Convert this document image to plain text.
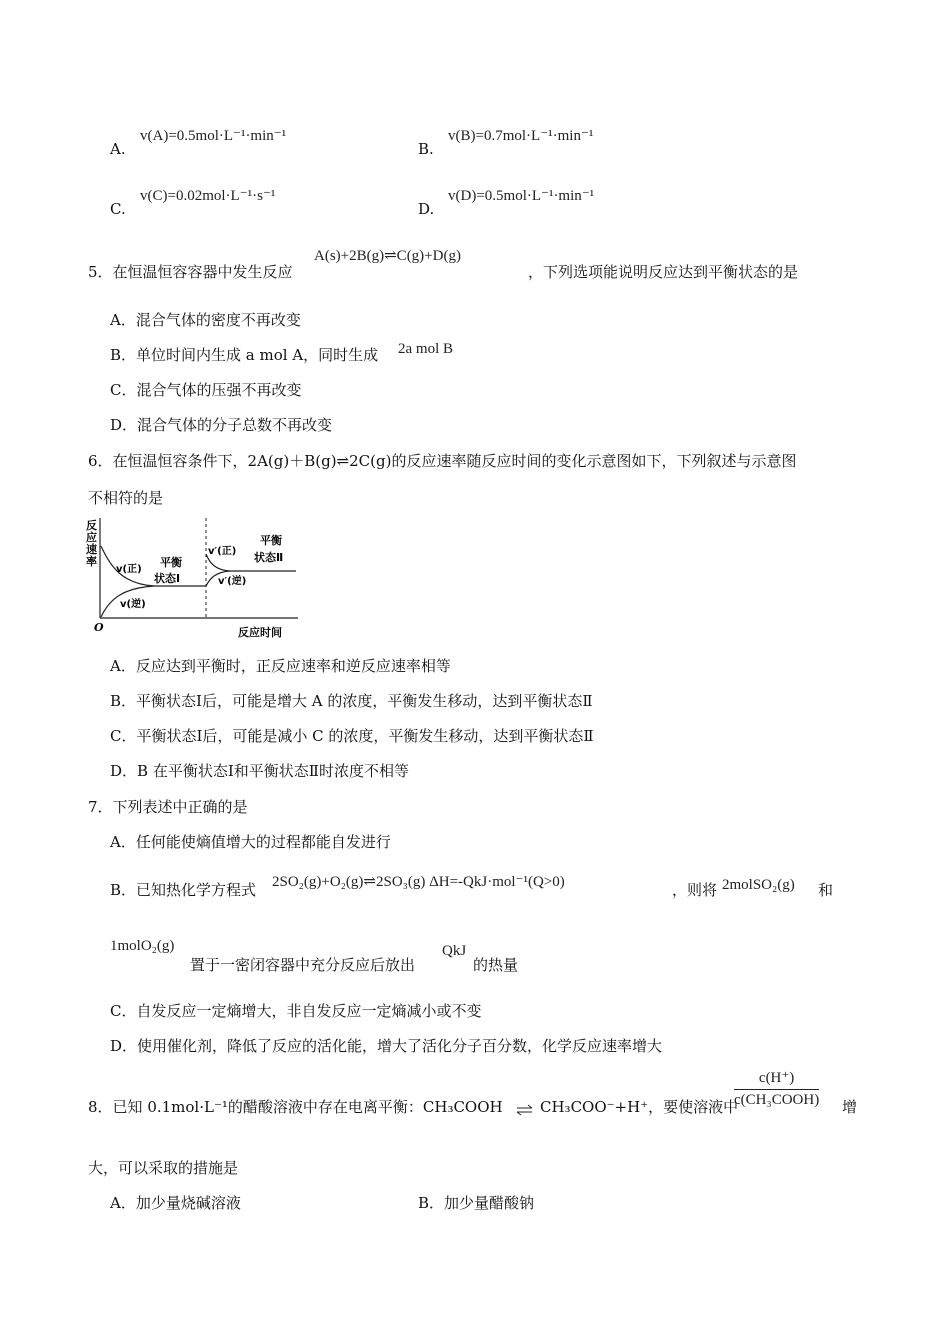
A.
v(A)=0.5mol·L⁻¹·min⁻¹
B.
v(B)=0.7mol·L⁻¹·min⁻¹
C.
v(C)=0.02mol·L⁻¹·s⁻¹
D.
v(D)=0.5mol·L⁻¹·min⁻¹
5．在恒温恒容容器中发生反应
A(s)+2B(g)⇌C(g)+D(g)
，下列选项能说明反应达到平衡状态的是
A．混合气体的密度不再改变
B．单位时间内生成 a mol A，同时生成 2a mol B
C．混合气体的压强不再改变
D．混合气体的分子总数不再改变
6．在恒温恒容条件下，2A(g)＋B(g)⇌2C(g)的反应速率随反应时间的变化示意图如下，下列叙述与示意图
不相符的是
反
应
速
率
O	反应时间
v(正)
v(逆)
平衡
状态Ⅰ
v′(正)
v′(逆)
平衡
状态Ⅱ
A．反应达到平衡时，正反应速率和逆反应速率相等
B．平衡状态Ⅰ后，可能是增大 A 的浓度，平衡发生移动，达到平衡状态Ⅱ
C．平衡状态Ⅰ后，可能是减小 C 的浓度，平衡发生移动，达到平衡状态Ⅱ
D．B 在平衡状态Ⅰ和平衡状态Ⅱ时浓度不相等
7．下列表述中正确的是
A．任何能使熵值增大的过程都能自发进行
B．已知热化学方程式 2SO₂(g)+O₂(g)⇌2SO₃(g) ΔH=-QkJ·mol⁻¹(Q>0)	，则将 2molSO₂(g) 和
1molO₂(g)
置于一密闭容器中充分反应后放出
QkJ
的热量
C．自发反应一定熵增大，非自发反应一定熵减小或不变
D．使用催化剂，降低了反应的活化能，增大了活化分子百分数，化学反应速率增大
8．已知 0.1mol·L⁻¹的醋酸溶液中存在电离平衡：CH₃COOH CH₃COO⁻+H⁺，要使溶液中
$\frac{c(H^+)}{\text{c(CH₃COOH)}}$ 增
大，可以采取的措施是
A．加少量烧碱溶液	B．加少量醋酸钠
